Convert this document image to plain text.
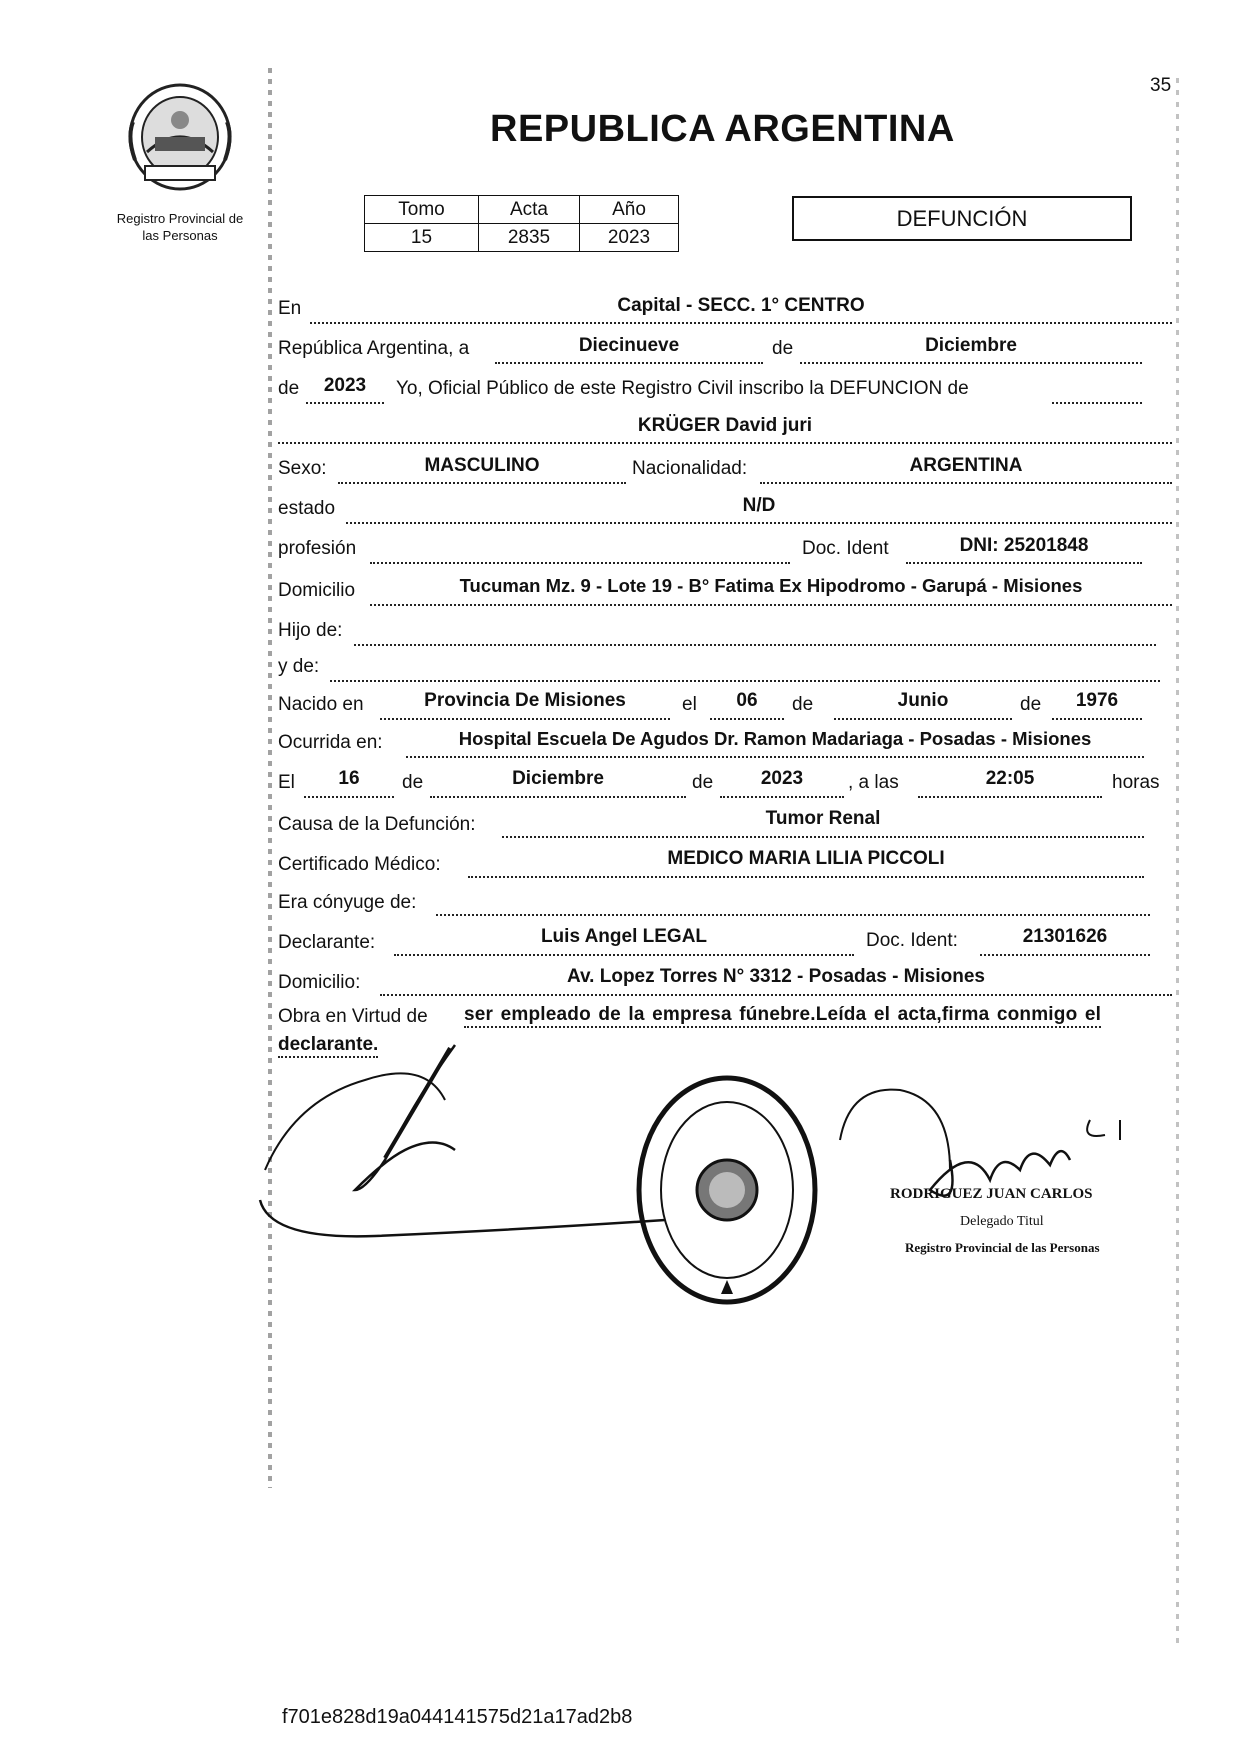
35
Registro Provincial de
las Personas
REPUBLICA ARGENTINA
Tomo	Acta	Año
15	2835	2023
DEFUNCIÓN
En	Capital - SECC. 1° CENTRO
República Argentina, a	Diecinueve	de	Diciembre
de	2023	Yo, Oficial Público de este Registro Civil inscribo la DEFUNCION de
KRÜGER David juri
Sexo:	MASCULINO	Nacionalidad:	ARGENTINA
estado	N/D
profesión	Doc. Ident	DNI: 25201848
Domicilio	Tucuman Mz. 9 - Lote 19 - B° Fatima Ex Hipodromo - Garupá - Misiones
Hijo de:
y de:
Nacido en	Provincia De Misiones	el	06	de	Junio	de	1976
Ocurrida en:	Hospital Escuela De Agudos Dr. Ramon Madariaga - Posadas - Misiones
El	16	de	Diciembre	de	2023	, a las	22:05	horas
Causa de la Defunción:	Tumor Renal
Certificado Médico:	MEDICO MARIA LILIA PICCOLI
Era cónyuge de:
Declarante:	Luis Angel LEGAL	Doc. Ident:	21301626
Domicilio:	Av. Lopez Torres N° 3312 - Posadas - Misiones
Obra en Virtud de ser empleado de la empresa fúnebre.Leída el acta,firma conmigo el
declarante.
RODRIGUEZ JUAN CARLOS
Delegado Titul
Registro Provincial de las Personas
f701e828d19a044141575d21a17ad2b8
